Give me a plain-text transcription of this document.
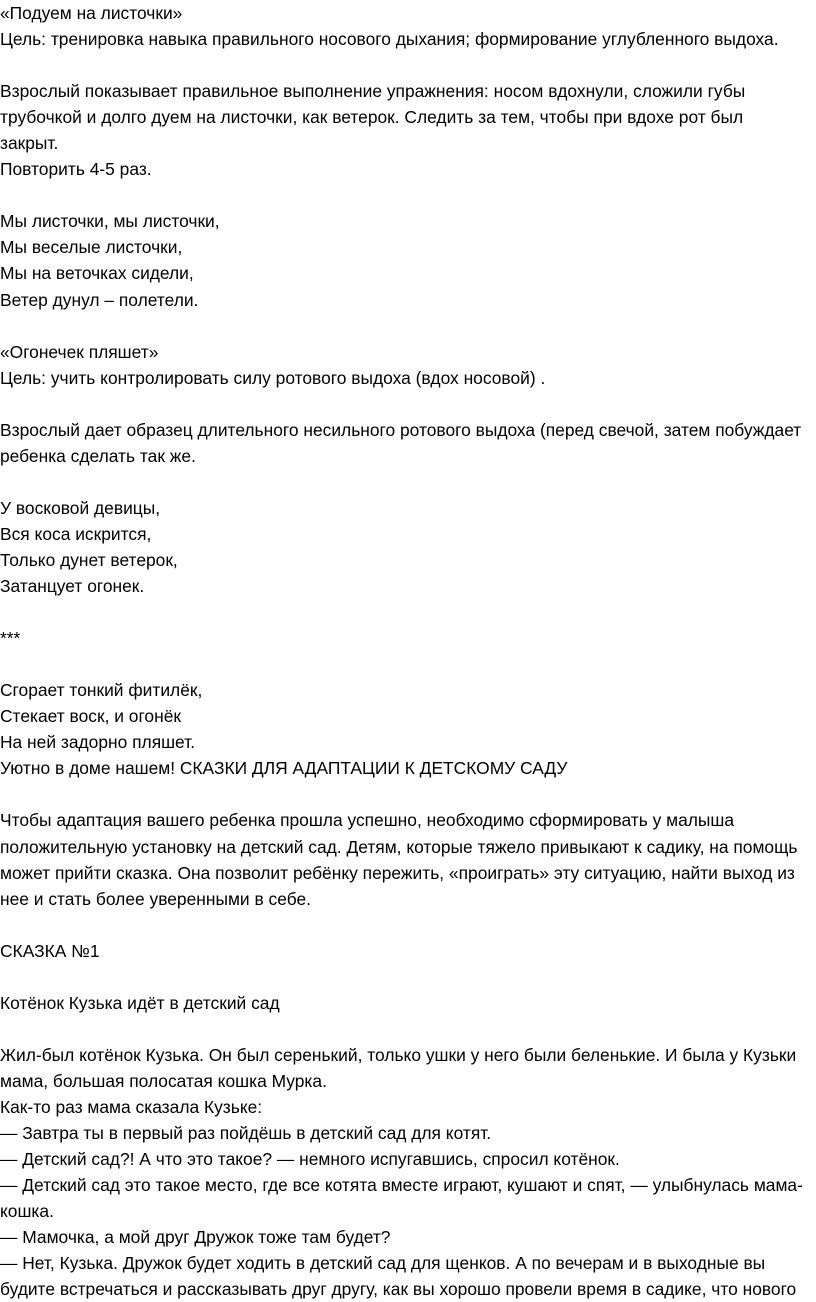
«Подуем на листочки»
Цель: тренировка навыка правильного носового дыхания; формирование углубленного выдоха.
Взрослый показывает правильное выполнение упражнения: носом вдохнули, сложили губы
трубочкой и долго дуем на листочки, как ветерок. Следить за тем, чтобы при вдохе рот был
закрыт.
Повторить 4-5 раз.
Мы листочки, мы листочки,
Мы веселые листочки,
Мы на веточках сидели,
Ветер дунул – полетели.
«Огонечек пляшет»
Цель: учить контролировать силу ротового выдоха (вдох носовой) .
Взрослый дает образец длительного несильного ротового выдоха (перед свечой, затем побуждает
ребенка сделать так же.
У восковой девицы,
Вся коса искрится,
Только дунет ветерок,
Затанцует огонек.
***
Сгорает тонкий фитилёк,
Стекает воск, и огонёк
На ней задорно пляшет.
Уютно в доме нашем! СКАЗКИ ДЛЯ АДАПТАЦИИ К ДЕТСКОМУ САДУ
Чтобы адаптация вашего ребенка прошла успешно, необходимо сформировать у малыша
положительную установку на детский сад. Детям, которые тяжело привыкают к садику, на помощь
может прийти сказка. Она позволит ребёнку пережить, «проиграть» эту ситуацию, найти выход из
нее и стать более уверенными в себе.
СКАЗКА №1
Котёнок Кузька идёт в детский сад
Жил-был котёнок Кузька. Он был серенький, только ушки у него были беленькие. И была у Кузьки
мама, большая полосатая кошка Мурка.
Как-то раз мама сказала Кузьке:
— Завтра ты в первый раз пойдёшь в детский сад для котят.
— Детский сад?! А что это такое? — немного испугавшись, спросил котёнок.
— Детский сад это такое место, где все котята вместе играют, кушают и спят, — улыбнулась мама-
кошка.
— Мамочка, а мой друг Дружок тоже там будет?
— Нет, Кузька. Дружок будет ходить в детский сад для щенков. А по вечерам и в выходные вы
будите встречаться и рассказывать друг другу, как вы хорошо провели время в садике, что нового
